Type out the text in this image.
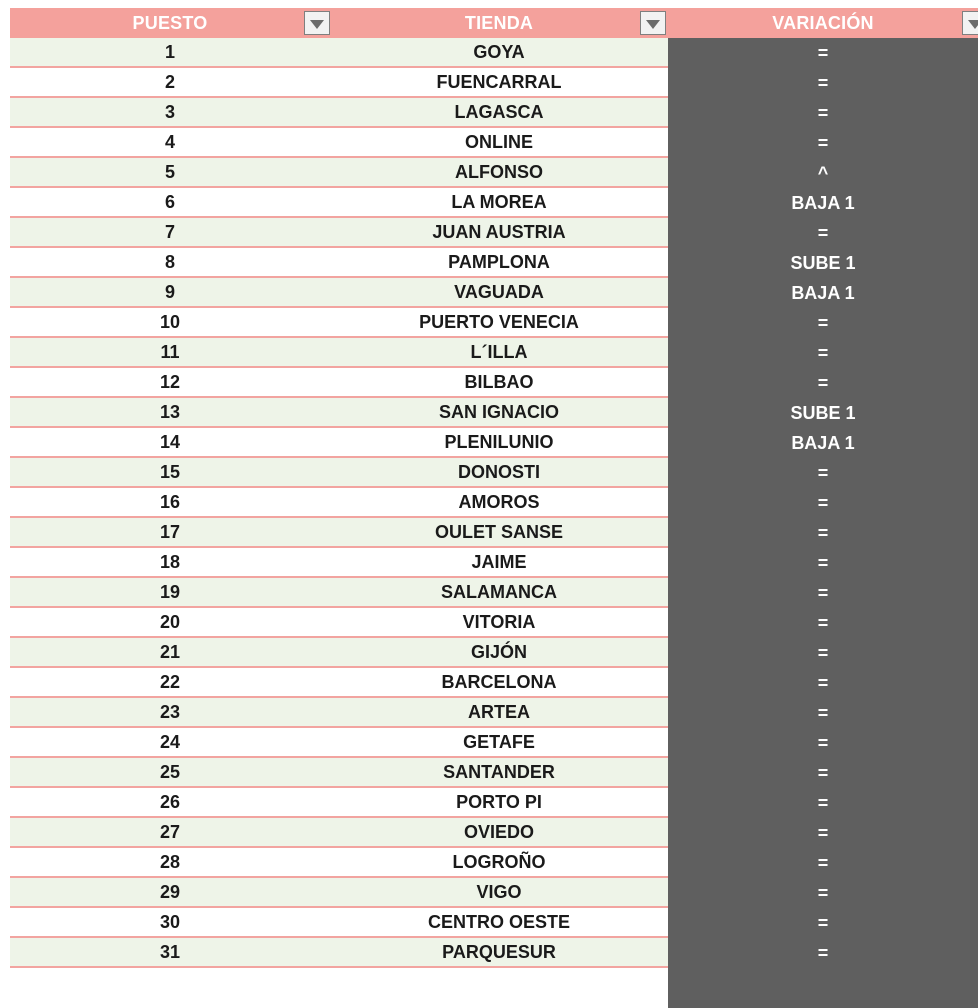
PUESTO	TIENDA	VARIACIÓN
1	GOYA	=
2	FUENCARRAL	=
3	LAGASCA	=
4	ONLINE	=
5	ALFONSO	^
6	LA MOREA	BAJA 1
7	JUAN AUSTRIA	=
8	PAMPLONA	SUBE 1
9	VAGUADA	BAJA 1
10	PUERTO VENECIA	=
11	L´ILLA	=
12	BILBAO	=
13	SAN IGNACIO	SUBE 1
14	PLENILUNIO	BAJA 1
15	DONOSTI	=
16	AMOROS	=
17	OULET SANSE	=
18	JAIME	=
19	SALAMANCA	=
20	VITORIA	=
21	GIJÓN	=
22	BARCELONA	=
23	ARTEA	=
24	GETAFE	=
25	SANTANDER	=
26	PORTO PI	=
27	OVIEDO	=
28	LOGROÑO	=
29	VIGO	=
30	CENTRO OESTE	=
31	PARQUESUR	=
